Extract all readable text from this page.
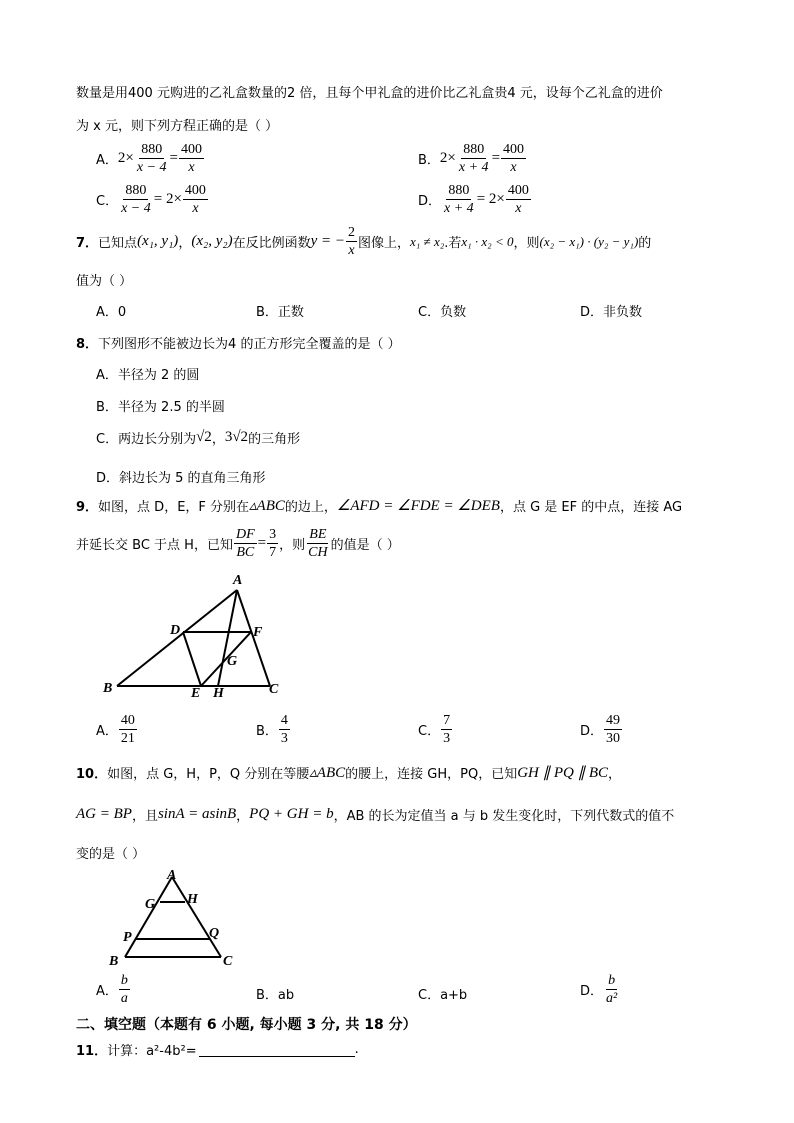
数量是用400 元购进的乙礼盒数量的2 倍，且每个甲礼盒的进价比乙礼盒贵4 元，设每个乙礼盒的进价
为 x 元，则下列方程正确的是（ ）
A． $2\times \frac{880}{x - 4} = \frac{400}{x}$	B． $2\times \frac{880}{x + 4} = \frac{400}{x}$
C． $\frac{880}{x - 4} = 2\times \frac{400}{x}$	D． $\frac{880}{x + 4} = 2\times \frac{400}{x}$
7． 已知点 (x₁, y₁) ， (x₂, y₂) 在反比例函数 y = − $\frac{2}{x}$ 图像上， x₁ ≠ x₂ .若 x₁ · x₂ < 0 ，则 (x₂ − x₁) · (y₂ − y₁) 的
值为（ ）
A．0	B．正数	C．负数	D．非负数
8．下列图形不能被边长为4 的正方形完全覆盖的是（ ）
A．半径为 2 的圆
B．半径为 2.5 的半圆
C．两边长分别为 √2 ， 3√2 的三角形
D．斜边长为 5 的直角三角形
9． 如图，点 D，E，F 分别在 ▵ABC 的边上， ∠AFD = ∠FDE = ∠DEB ，点 G 是 EF 的中点，连接 AG
并延长交 BC 于点 H，已知 $\frac{DF}{BC} = \frac{3}{7}$ ，则 $\frac{BE}{CH}$ 的值是（ ）
A
B	C
D
E
F
G
H
A． $\frac{40}{21}$	B． $\frac{4}{3}$	C． $\frac{7}{3}$	D． $\frac{49}{30}$
10． 如图，点 G，H，P，Q 分别在等腰 ▵ABC 的腰上，连接 GH，PQ，已知 GH ∥ PQ ∥ BC ，
AG = BP ，且 sinA = asinB ， PQ + GH = b ，AB 的长为定值当 a 与 b 发生变化时，下列代数式的值不
变的是（ ）
A
B	C
G H
P	Q
A． $\frac{b}{a}$	B．ab	C．a+b	D． $\frac{b}{\text{a²}}$
二、填空题（本题有 6 小题, 每小题 3 分, 共 18 分）
11． 计算：a²-4b²=	.
